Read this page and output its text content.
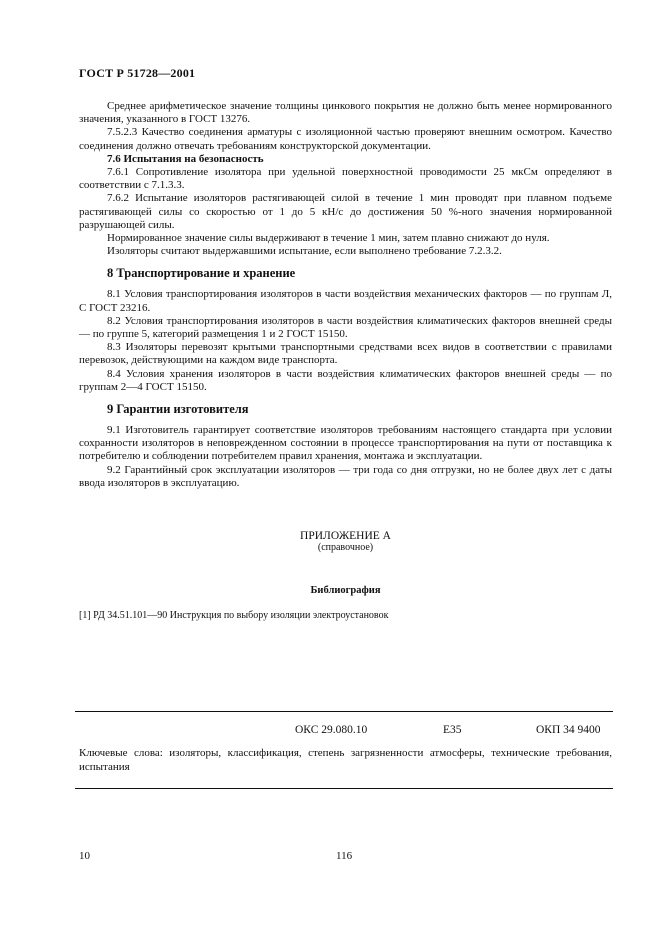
ГОСТ Р 51728—2001

Среднее арифметическое значение толщины цинкового покрытия не должно быть менее нормированного значения, указанного в ГОСТ 13276.

7.5.2.3 Качество соединения арматуры с изоляционной частью проверяют внешним осмотром. Качество соединения должно отвечать требованиям конструкторской документации.

7.6 Испытания на безопасность

7.6.1 Сопротивление изолятора при удельной поверхностной проводимости 25 мкСм определяют в соответствии с 7.1.3.3.

7.6.2 Испытание изоляторов растягивающей силой в течение 1 мин проводят при плавном подъеме растягивающей силы со скоростью от 1 до 5 кН/с до достижения 50 %-ного значения нормированной разрушающей силы.

Нормированное значение силы выдерживают в течение 1 мин, затем плавно снижают до нуля.

Изоляторы считают выдержавшими испытание, если выполнено требование 7.2.3.2.

8 Транспортирование и хранение

8.1 Условия транспортирования изоляторов в части воздействия механических факторов — по группам Л, С ГОСТ 23216.

8.2 Условия транспортирования изоляторов в части воздействия климатических факторов внешней среды — по группе 5, категорий размещения 1 и 2 ГОСТ 15150.

8.3 Изоляторы перевозят крытыми транспортными средствами всех видов в соответствии с правилами перевозок, действующими на каждом виде транспорта.

8.4 Условия хранения изоляторов в части воздействия климатических факторов внешней среды — по группам 2—4 ГОСТ 15150.

9 Гарантии изготовителя

9.1 Изготовитель гарантирует соответствие изоляторов требованиям настоящего стандарта при условии сохранности изоляторов в неповрежденном состоянии в процессе транспортирования на пути от поставщика к потребителю и соблюдении потребителем правил хранения, монтажа и эксплуатации.

9.2 Гарантийный срок эксплуатации изоляторов — три года со дня отгрузки, но не более двух лет с даты ввода изоляторов в эксплуатацию.

ПРИЛОЖЕНИЕ А
(справочное)
Библиография
[1] РД 34.51.101—90 Инструкция по выбору изоляции электроустановок
ОКС 29.080.10	Е35	ОКП 34 9400
Ключевые слова: изоляторы, классификация, степень загрязненности атмосферы, технические требования, испытания
10	116
